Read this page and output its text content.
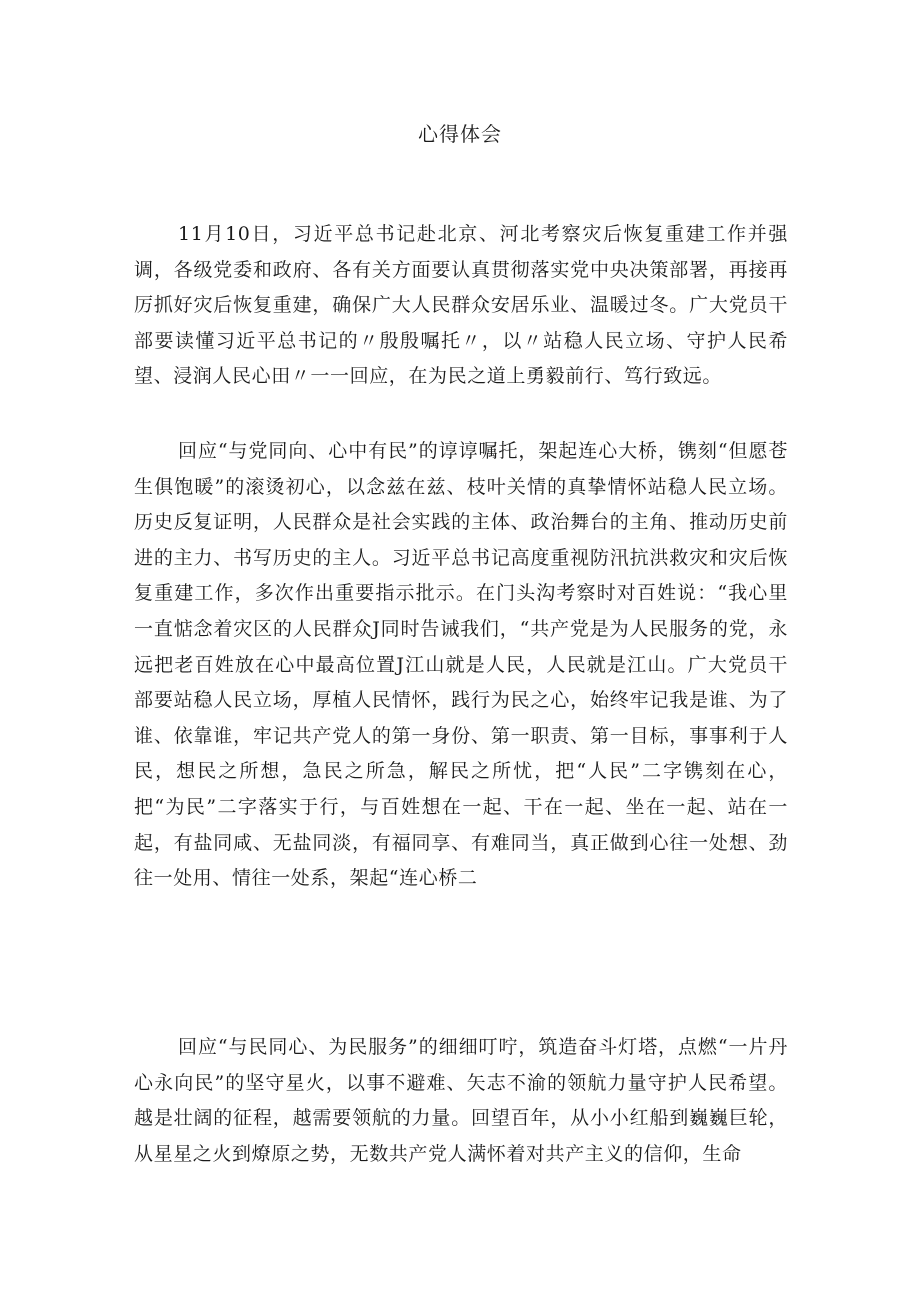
心得体会

11月10日，习近平总书记赴北京、河北考察灾后恢复重建工作并强调，各级党委和政府、各有关方面要认真贯彻落实党中央决策部署，再接再厉抓好灾后恢复重建，确保广大人民群众安居乐业、温暖过冬。广大党员干部要读懂习近平总书记的〃殷殷嘱托〃，以〃站稳人民立场、守护人民希望、浸润人民心田〃一一回应，在为民之道上勇毅前行、笃行致远。

回应“与党同向、心中有民”的谆谆嘱托，架起连心大桥，镌刻“但愿苍生俱饱暖”的滚烫初心，以念兹在兹、枝叶关情的真挚情怀站稳人民立场。历史反复证明，人民群众是社会实践的主体、政治舞台的主角、推动历史前进的主力、书写历史的主人。习近平总书记高度重视防汛抗洪救灾和灾后恢复重建工作，多次作出重要指示批示。在门头沟考察时对百姓说：“我心里一直惦念着灾区的人民群众J同时告诫我们，“共产党是为人民服务的党，永远把老百姓放在心中最高位置J江山就是人民，人民就是江山。广大党员干部要站稳人民立场，厚植人民情怀，践行为民之心，始终牢记我是谁、为了谁、依靠谁，牢记共产党人的第一身份、第一职责、第一目标，事事利于人民，想民之所想，急民之所急，解民之所忧，把“人民”二字镌刻在心，把“为民”二字落实于行，与百姓想在一起、干在一起、坐在一起、站在一起，有盐同咸、无盐同淡，有福同享、有难同当，真正做到心往一处想、劲往一处用、情往一处系，架起“连心桥二

回应“与民同心、为民服务”的细细叮咛，筑造奋斗灯塔，点燃“一片丹心永向民”的坚守星火，以事不避难、矢志不渝的领航力量守护人民希望。越是壮阔的征程，越需要领航的力量。回望百年，从小小红船到巍巍巨轮，从星星之火到燎原之势，无数共产党人满怀着对共产主义的信仰，生命
